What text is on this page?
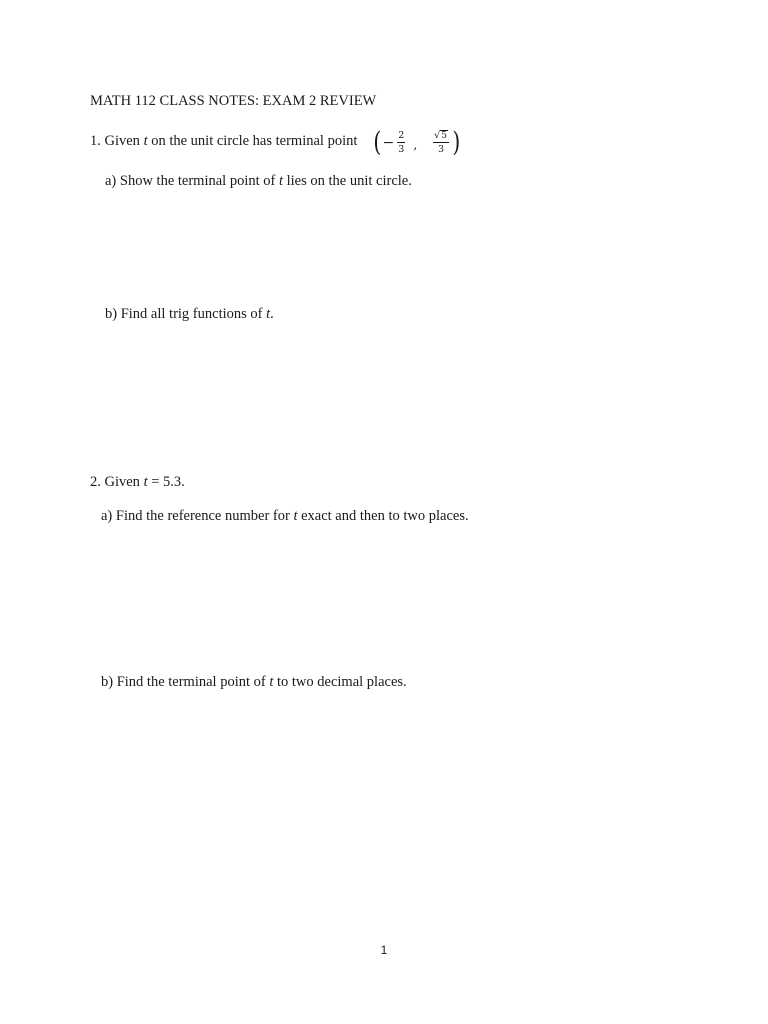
MATH 112 CLASS NOTES: EXAM 2 REVIEW
1. Given t on the unit circle has terminal point ( − $\frac{2}{3}$ , $\frac{√5}{3}$ )
a) Show the terminal point of t lies on the unit circle.
b) Find all trig functions of t.
2. Given t = 5.3.
a) Find the reference number for t exact and then to two places.
b) Find the terminal point of t to two decimal places.
1
